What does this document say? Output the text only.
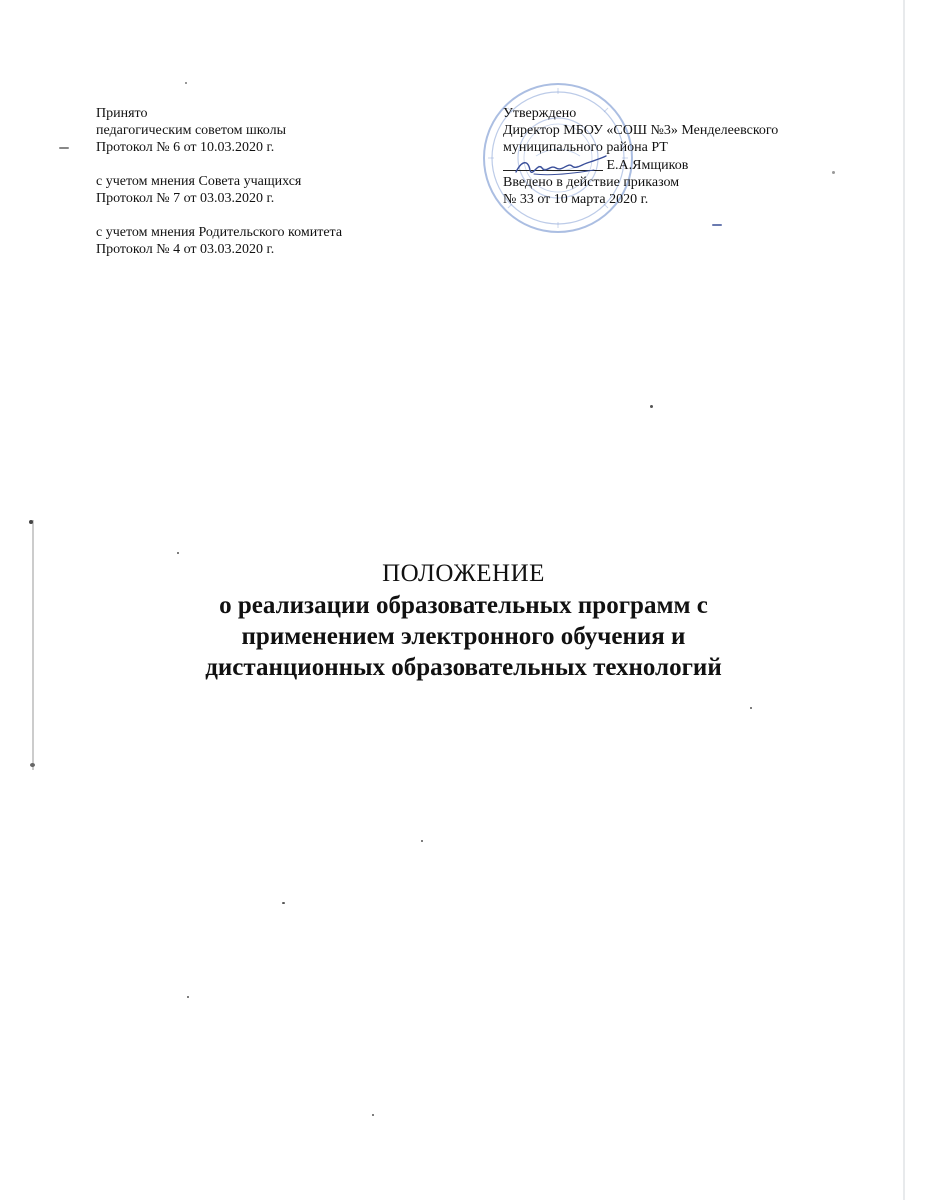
Принято
педагогическим советом школы
Протокол № 6 от 10.03.2020 г.
с учетом мнения Совета учащихся
Протокол № 7 от 03.03.2020 г.
с учетом мнения Родительского комитета
Протокол № 4 от 03.03.2020 г.
Утверждено
Директор МБОУ «СОШ №3» Менделеевского
муниципального района РТ
Е.А.Ямщиков
Введено в действие приказом
№ 33 от 10 марта 2020 г.
ПОЛОЖЕНИЕ
о реализации образовательных программ с
применением электронного обучения и
дистанционных образовательных технологий
